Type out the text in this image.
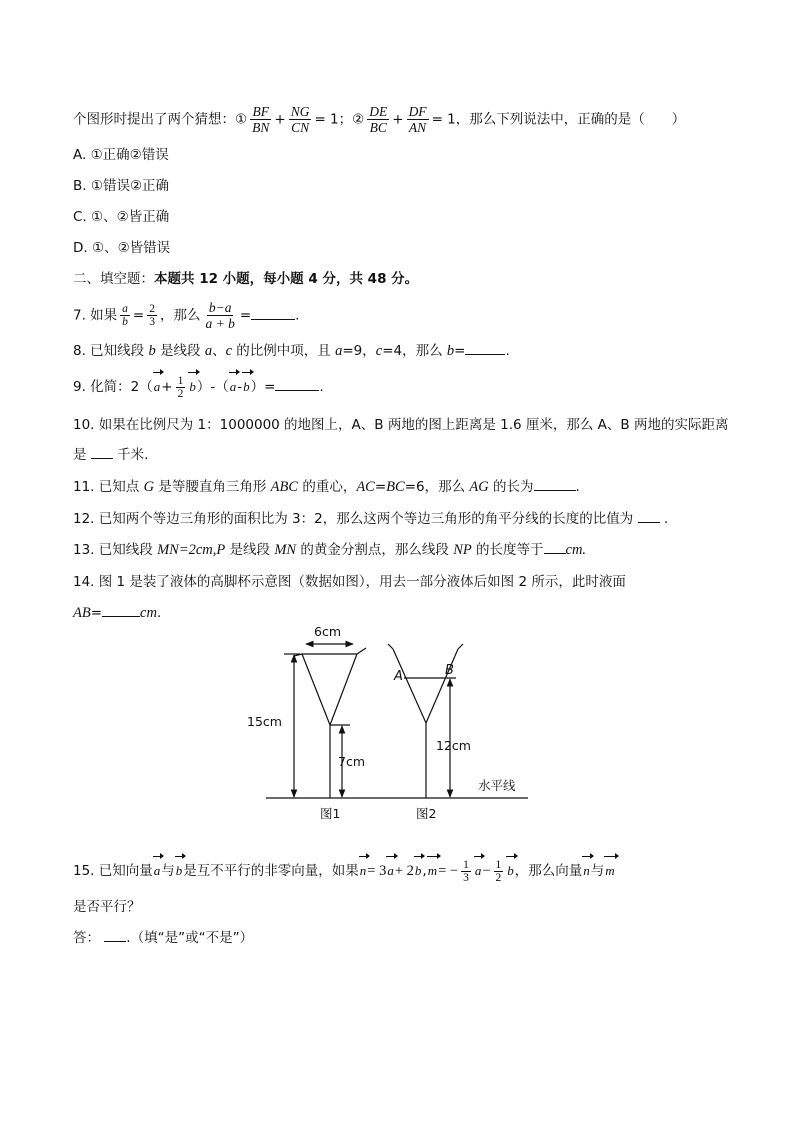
个图形时提出了两个猜想：① $\frac{BF}{BN} + \frac{NG}{CN} = 1$；② $\frac{DE}{BC} + \frac{DF}{AN} = 1$，那么下列说法中，正确的是（　　）
A. ①正确②错误
B. ①错误②正确
C. ①、②皆正确
D. ①、②皆错误
二、填空题：本题共 12 小题，每小题 4 分，共 48 分。
7. 如果 $\frac{a}{b} = \frac{2}{3}$ ，那么 $\frac{b-a}{a + b}$ =	.
8. 已知线段 b 是线段 a、c 的比例中项，且 a=9，c=4，那么 b=	.
9. 化简：$2(a+ \frac{1}{2} b)-(a-b)=$	.
10. 如果在比例尺为 1：1000000 的地图上，A、B 两地的图上距离是 1.6 厘米，那么 A、B 两地的实际距离
是 千米.
11. 已知点 G 是等腰直角三角形 ABC 的重心，AC=BC=6，那么 AG 的长为	.
12. 已知两个等边三角形的面积比为 3：2，那么这两个等边三角形的角平分线的长度的比值为 .
13. 已知线段 MN=2cm,P 是线段 MN 的黄金分割点，那么线段 NP 的长度等于 cm.
14. 图 1 是装了液体的高脚杯示意图（数据如图），用去一部分液体后如图 2 所示，此时液面
AB=	cm.
6cm
15cm
7cm
12cm
A	B
水平线
图1	图2
15. 已知向量a与b是互不平行的非零向量，如果$n= 3a+ 2b,m= - \frac{1}{3} a- \frac{1}{2}$ b，那么向量n与m
是否平行？
答： .（填“是”或“不是”）
